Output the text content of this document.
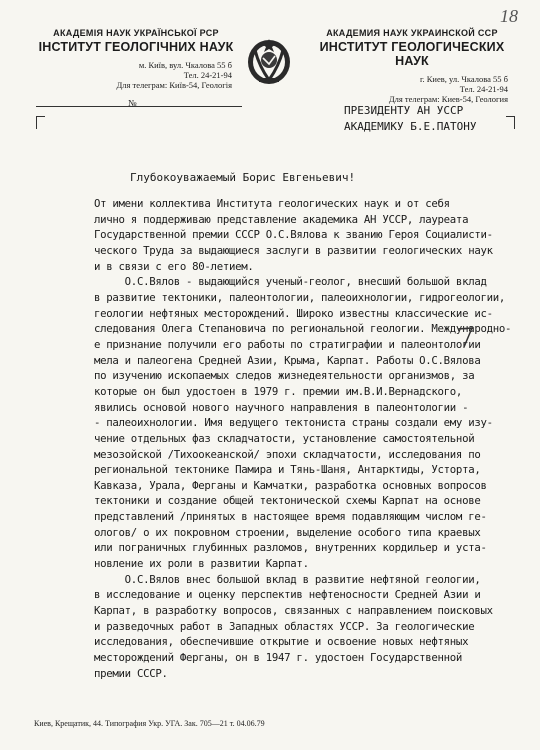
18
АКАДЕМІЯ НАУК УКРАЇНСЬКОЇ РСР
ІНСТИТУТ ГЕОЛОГІЧНИХ НАУК
м. Київ, вул. Чкалова 55 б
Тел. 24-21-94
Для телеграм: Київ-54, Геологія
АКАДЕМИЯ НАУК УКРАИНСКОЙ ССР
ИНСТИТУТ ГЕОЛОГИЧЕСКИХ НАУК
г. Киев, ул. Чкалова 55 б
Тел. 24-21-94
Для телеграм: Киев-54, Геология
№
ПРЕЗИДЕНТУ АН УССР
АКАДЕМИКУ Б.Е.ПАТОНУ
Глубокоуважаемый Борис Евгеньевич!
От имени коллектива Института геологических наук и от себя
лично я поддерживаю представление академика АН УССР, лауреата
Государственной премии СССР О.С.Вялова к званию Героя Социалисти-
ческого Труда за выдающиеся заслуги в развитии геологических наук
и в связи с его 80-летием.
О.С.Вялов - выдающийся ученый-геолог, внесший большой вклад
в развитие тектоники, палеонтологии, палеоихнологии, гидрогеологии,
геологии нефтяных месторождений. Широко известны классические ис-
следования Олега Степановича по региональной геологии. Международно-
е признание получили его работы по стратиграфии и палеонтологии
мела и палеогена Средней Азии, Крыма, Карпат. Работы О.С.Вялова
по изучению ископаемых следов жизнедеятельности организмов, за
которые он был удостоен в 1979 г. премии им.В.И.Вернадского,
явились основой нового научного направления в палеонтологии -
- палеоихнологии. Имя ведущего тектониста страны создали ему изу-
чение отдельных фаз складчатости, установление самостоятельной
мезозойской /Тихоокеанской/ эпохи складчатости, исследования по
региональной тектонике Памира и Тянь-Шаня, Антарктиды, Усторта,
Кавказа, Урала, Ферганы и Камчатки, разработка основных вопросов
тектоники и создание общей тектонической схемы Карпат на основе
представлений /принятых в настоящее время подавляющим числом ге-
ологов/ о их покровном строении, выделение особого типа краевых
или пограничных глубинных разломов, внутренних кордильер и уста-
новление их роли в развитии Карпат.
О.С.Вялов внес большой вклад в развитие нефтяной геологии,
в исследование и оценку перспектив нефтеносности Средней Азии и
Карпат, в разработку вопросов, связанных с направлением поисковых
и разведочных работ в Западных областях УССР. За геологические
исследования, обеспечившие открытие и освоение новых нефтяных
месторождений Ферганы, он в 1947 г. удостоен Государственной
премии СССР.
Киев, Крещатик, 44. Типография Укр. УГА. Зак. 705—21 т. 04.06.79
